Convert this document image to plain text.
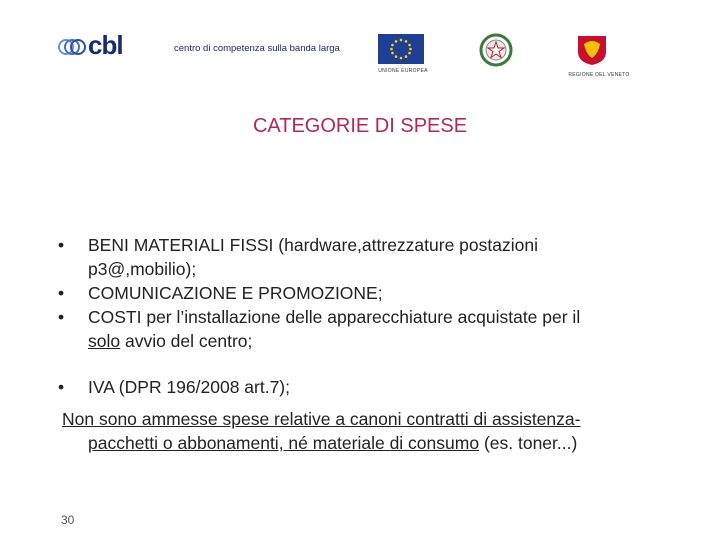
cbl	centro di competenza sulla banda larga
UNIONE EUROPEA
REGIONE DEL VENETO
CATEGORIE DI SPESE
•	BENI MATERIALI FISSI (hardware,attrezzature postazioni
p3@,mobilio);
•	COMUNICAZIONE E PROMOZIONE;
•	COSTI per l’installazione delle apparecchiature acquistate per il
solo avvio del centro;
•	IVA (DPR 196/2008 art.7);
Non sono ammesse spese relative a canoni contratti di assistenza-
pacchetti o abbonamenti, né materiale di consumo (es. toner...)
30
